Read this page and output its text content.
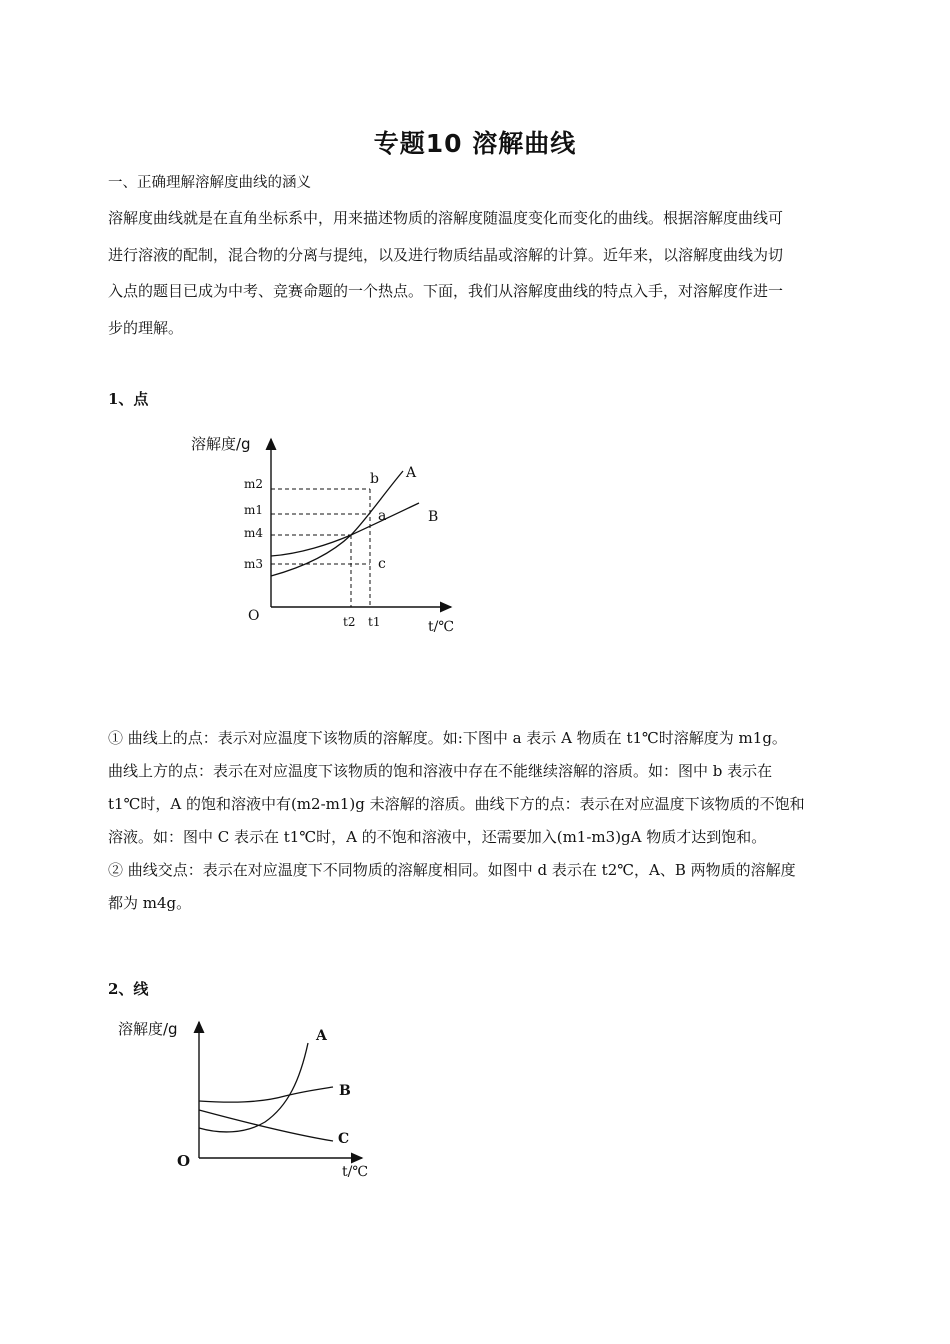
专题10 溶解曲线
一、正确理解溶解度曲线的涵义
溶解度曲线就是在直角坐标系中，用来描述物质的溶解度随温度变化而变化的曲线。根据溶解度曲线可
进行溶液的配制，混合物的分离与提纯，以及进行物质结晶或溶解的计算。近年来，以溶解度曲线为切
入点的题目已成为中考、竞赛命题的一个热点。下面，我们从溶解度曲线的特点入手，对溶解度作进一
步的理解。
1、点
溶解度/g
O
t/℃
m2
m1
m4
m3
t2 t1
b
a
c
A
B
① 曲线上的点：表示对应温度下该物质的溶解度。如:下图中 a 表示 A 物质在 t1℃时溶解度为 m1g。
曲线上方的点：表示在对应温度下该物质的饱和溶液中存在不能继续溶解的溶质。如：图中 b 表示在
t1℃时，A 的饱和溶液中有(m2-m1)g 未溶解的溶质。曲线下方的点：表示在对应温度下该物质的不饱和
溶液。如：图中 C 表示在 t1℃时，A 的不饱和溶液中，还需要加入(m1-m3)gA 物质才达到饱和。
② 曲线交点：表示在对应温度下不同物质的溶解度相同。如图中 d 表示在 t2℃，A、B 两物质的溶解度
都为 m4g。
2、线
溶解度/g
O
t/℃
A
B
C
